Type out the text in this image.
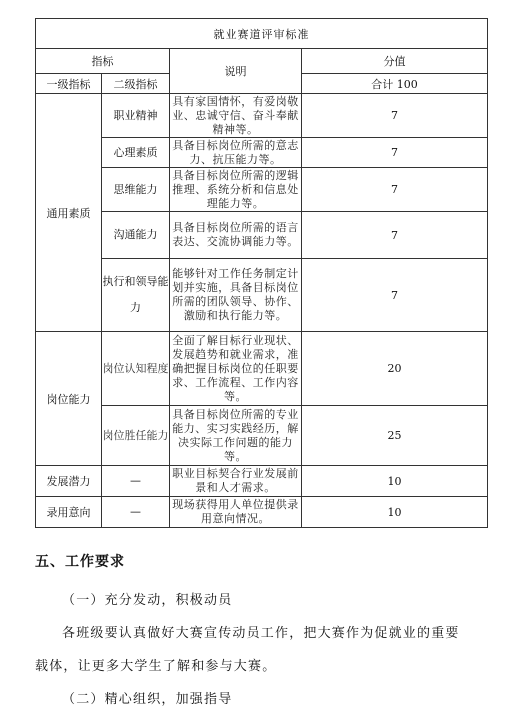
就业赛道评审标准			
指标		说明	分值
一级指标	二级指标		合计 100
通用素质	职业精神	具有家国情怀，有爱岗敬业、忠诚守信、奋斗奉献精神等。	7
	心理素质	具备目标岗位所需的意志力、抗压能力等。	7
	思维能力	具备目标岗位所需的逻辑推理、系统分析和信息处理能力等。	7
	沟通能力	具备目标岗位所需的语言表达、交流协调能力等。	7
	执行和领导能力	能够针对工作任务制定计划并实施，具备目标岗位所需的团队领导、协作、激励和执行能力等。	7
岗位能力	岗位认知程度	全面了解目标行业现状、发展趋势和就业需求，准确把握目标岗位的任职要求、工作流程、工作内容等。	20
	岗位胜任能力	具备目标岗位所需的专业能力、实习实践经历，解决实际工作问题的能力等。	25
发展潜力	—	职业目标契合行业发展前景和人才需求。	10
录用意向	—	现场获得用人单位提供录用意向情况。	10
五、工作要求

（一）充分发动，积极动员

各班级要认真做好大赛宣传动员工作，把大赛作为促就业的重要

载体，让更多大学生了解和参与大赛。

（二）精心组织，加强指导
